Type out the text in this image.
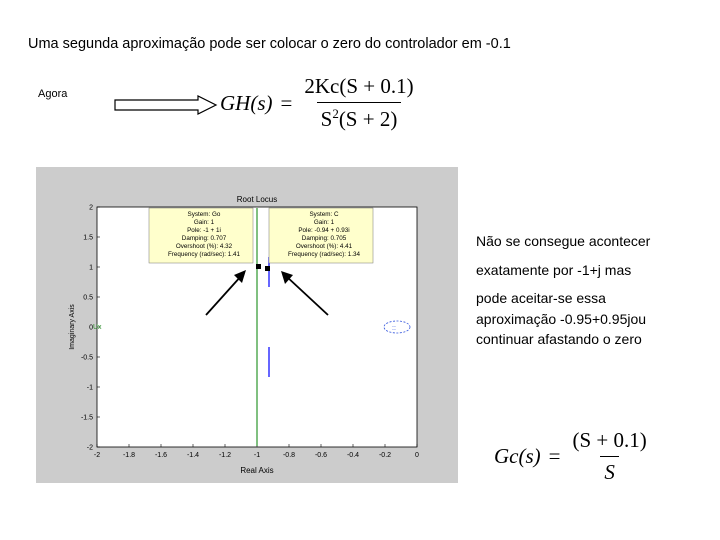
Uma segunda aproximação pode ser colocar o zero do controlador em -0.1
Agora	$GH(s) = \frac{2Kc(S + 0.1)}{S^2(S + 2)}$
Root Locus
Real Axis
Imaginary Axis
-2	-1.8	-1.6	-1.4	-1.2	-1	-0.8	-0.6	-0.4	-0.2	0
2
1.5
1
0.5
0
-0.5
-1
-1.5
-2
Ux	::
System: Go
Gain: 1
Pole: -1 + 1i
Damping: 0.707
Overshoot (%): 4.32
Frequency (rad/sec): 1.41
System: C
Gain: 1
Pole: -0.94 + 0.93i
Damping: 0.705
Overshoot (%): 4.41
Frequency (rad/sec): 1.34
Não se consegue acontecer
exatamente por -1+j mas
pode aceitar-se essa
aproximação -0.95+0.95jou
continuar afastando o zero
$Gc(s) = \frac{(S + 0.1)}{S}$
